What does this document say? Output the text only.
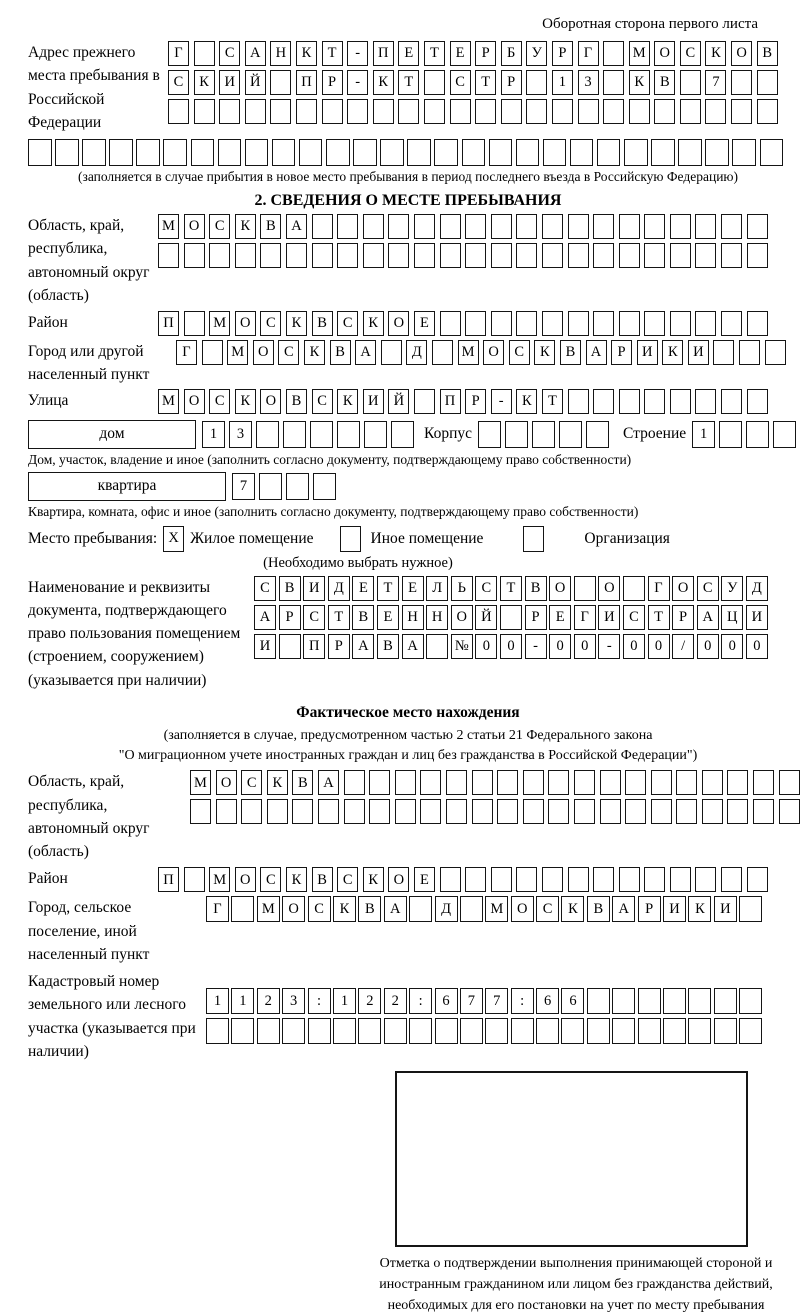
Оборотная сторона первого листа
Адрес прежнего места пребывания в Российской Федерации
Г	С	А	Н	К	Т	-	П	Е	Т	Е	Р	Б	У	Р	Г	М О	С	К	О	В
С	К	И	Й	П	Р	-	К	Т	С	Т	Р	1	3	К	В	7
(заполняется в случае прибытия в новое место пребывания в период последнего въезда в Российскую Федерацию)
2. СВЕДЕНИЯ О МЕСТЕ ПРЕБЫВАНИЯ
Область, край, республика, автономный округ (область)
М О	С	К	В	А
Район	П	М О	С	К	В	С	К	О	Е
Город или другой населенный пункт
Г	М О	С	К	В	А	Д	М О	С	К	В	А	Р	И	К	И
Улица	М О	С	К	О	В	С	К	И	Й	П	Р	-	К	Т
дом	1	3	Корпус	Строение 1
Дом, участок, владение и иное (заполнить согласно документу, подтверждающему право собственности)
квартира	7
Квартира, комната, офис и иное (заполнить согласно документу, подтверждающему право собственности)
Место пребывания: X Жилое помещение	Иное помещение	Организация
(Необходимо выбрать нужное)
Наименование и реквизиты документа, подтверждающего право пользования помещением (строением, сооружением) (указывается при наличии)
С	В	И Д	Е	Т	Е	Л	Ь	С	Т	В	О	О	Г	О	С	У	Д
А	Р	С	Т	В	Е	Н Н О Й	Р	Е	Г	И	С	Т	Р	А Ц И
И	П	Р	А	В	А	№ 0	0	-	0	0	-	0	0	/	0	0	0
Фактическое место нахождения
(заполняется в случае, предусмотренном частью 2 статьи 21 Федерального закона
"О миграционном учете иностранных граждан и лиц без гражданства в Российской Федерации")
Область, край, республика, автономный округ (область)
М О	С	К	В	А
Район	П	М О	С	К	В	С	К	О	Е
Город, сельское поселение, иной населенный пункт
Г	М О	С	К	В	А	Д	М О	С	К	В	А	Р	И	К	И
Кадастровый номер земельного или лесного участка (указывается при наличии)
1	1	2	3	:	1	2	2	:	6	7	7	:	6	6
Отметка о подтверждении выполнения принимающей стороной и иностранным гражданином или лицом без гражданства действий, необходимых для его постановки на учет по месту пребывания
